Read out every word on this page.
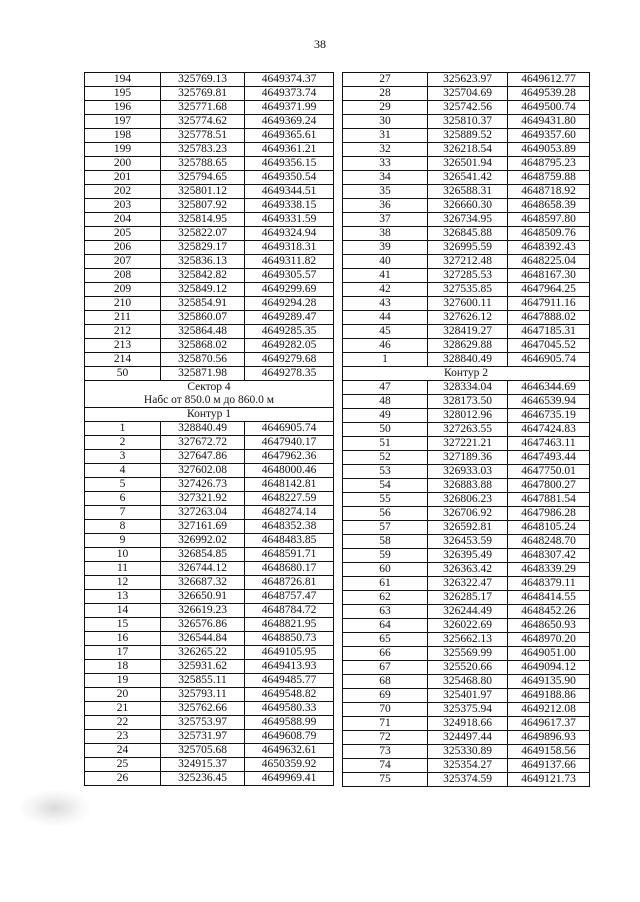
38
194	325769.13	4649374.37
195	325769.81	4649373.74
196	325771.68	4649371.99
197	325774.62	4649369.24
198	325778.51	4649365.61
199	325783.23	4649361.21
200	325788.65	4649356.15
201	325794.65	4649350.54
202	325801.12	4649344.51
203	325807.92	4649338.15
204	325814.95	4649331.59
205	325822.07	4649324.94
206	325829.17	4649318.31
207	325836.13	4649311.82
208	325842.82	4649305.57
209	325849.12	4649299.69
210	325854.91	4649294.28
211	325860.07	4649289.47
212	325864.48	4649285.35
213	325868.02	4649282.05
214	325870.56	4649279.68
50	325871.98	4649278.35
Сектор 4
Набс от 850.0 м до 860.0 м		
Контур 1		
1	328840.49	4646905.74
2	327672.72	4647940.17
3	327647.86	4647962.36
4	327602.08	4648000.46
5	327426.73	4648142.81
6	327321.92	4648227.59
7	327263.04	4648274.14
8	327161.69	4648352.38
9	326992.02	4648483.85
10	326854.85	4648591.71
11	326744.12	4648680.17
12	326687.32	4648726.81
13	326650.91	4648757.47
14	326619.23	4648784.72
15	326576.86	4648821.95
16	326544.84	4648850.73
17	326265.22	4649105.95
18	325931.62	4649413.93
19	325855.11	4649485.77
20	325793.11	4649548.82
21	325762.66	4649580.33
22	325753.97	4649588.99
23	325731.97	4649608.79
24	325705.68	4649632.61
25	324915.37	4650359.92
26	325236.45	4649969.41
27	325623.97	4649612.77
28	325704.69	4649539.28
29	325742.56	4649500.74
30	325810.37	4649431.80
31	325889.52	4649357.60
32	326218.54	4649053.89
33	326501.94	4648795.23
34	326541.42	4648759.88
35	326588.31	4648718.92
36	326660.30	4648658.39
37	326734.95	4648597.80
38	326845.88	4648509.76
39	326995.59	4648392.43
40	327212.48	4648225.04
41	327285.53	4648167.30
42	327535.85	4647964.25
43	327600.11	4647911.16
44	327626.12	4647888.02
45	328419.27	4647185.31
46	328629.88	4647045.52
1	328840.49	4646905.74
Контур 2		
47	328334.04	4646344.69
48	328173.50	4646539.94
49	328012.96	4646735.19
50	327263.55	4647424.83
51	327221.21	4647463.11
52	327189.36	4647493.44
53	326933.03	4647750.01
54	326883.88	4647800.27
55	326806.23	4647881.54
56	326706.92	4647986.28
57	326592.81	4648105.24
58	326453.59	4648248.70
59	326395.49	4648307.42
60	326363.42	4648339.29
61	326322.47	4648379.11
62	326285.17	4648414.55
63	326244.49	4648452.26
64	326022.69	4648650.93
65	325662.13	4648970.20
66	325569.99	4649051.00
67	325520.66	4649094.12
68	325468.80	4649135.90
69	325401.97	4649188.86
70	325375.94	4649212.08
71	324918.66	4649617.37
72	324497.44	4649896.93
73	325330.89	4649158.56
74	325354.27	4649137.66
75	325374.59	4649121.73
